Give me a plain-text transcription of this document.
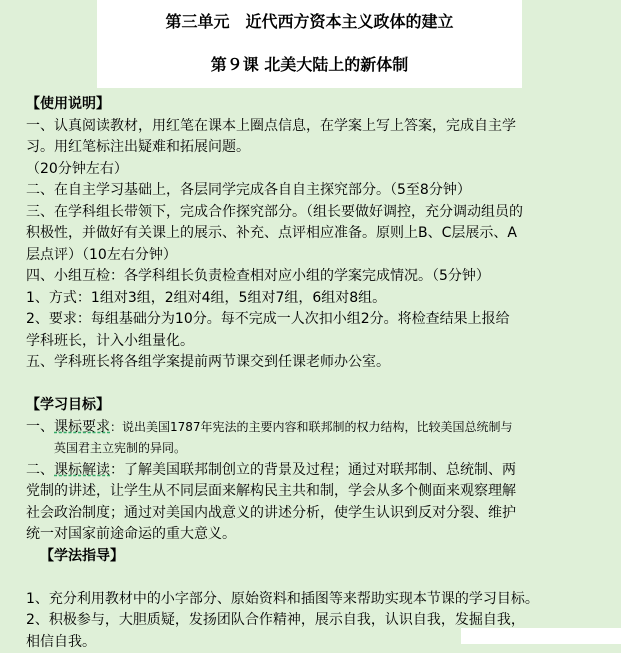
第三单元　近代西方资本主义政体的建立
第９课 北美大陆上的新体制
【使用说明】
一、认真阅读教材，用红笔在课本上圈点信息，在学案上写上答案，完成自主学
习。用红笔标注出疑难和拓展问题。
（20分钟左右）
二、在自主学习基础上，各层同学完成各自自主探究部分。（5至8分钟）
三、在学科组长带领下，完成合作探究部分。（组长要做好调控，充分调动组员的
积极性，并做好有关课上的展示、补充、点评相应准备。原则上B、C层展示、A
层点评）（10左右分钟）
四、小组互检：各学科组长负责检查相对应小组的学案完成情况。（5分钟）
1、方式：1组对3组，2组对4组，5组对7组，6组对8组。
2、要求：每组基础分为10分。每不完成一人次扣小组2分。将检查结果上报给
学科班长，计入小组量化。
五、学科班长将各组学案提前两节课交到任课老师办公室。
【学习目标】
一、课标要求：说出美国1787年宪法的主要内容和联邦制的权力结构，比较美国总统制与
英国君主立宪制的异同。
二、课标解读：了解美国联邦制创立的背景及过程；通过对联邦制、总统制、两
党制的讲述，让学生从不同层面来解构民主共和制，学会从多个侧面来观察理解
社会政治制度；通过对美国内战意义的讲述分析，使学生认识到反对分裂、维护
统一对国家前途命运的重大意义。
【学法指导】
1、充分利用教材中的小字部分、原始资料和插图等来帮助实现本节课的学习目标。
2、积极参与，大胆质疑，发扬团队合作精神，展示自我，认识自我，发掘自我，
相信自我。
